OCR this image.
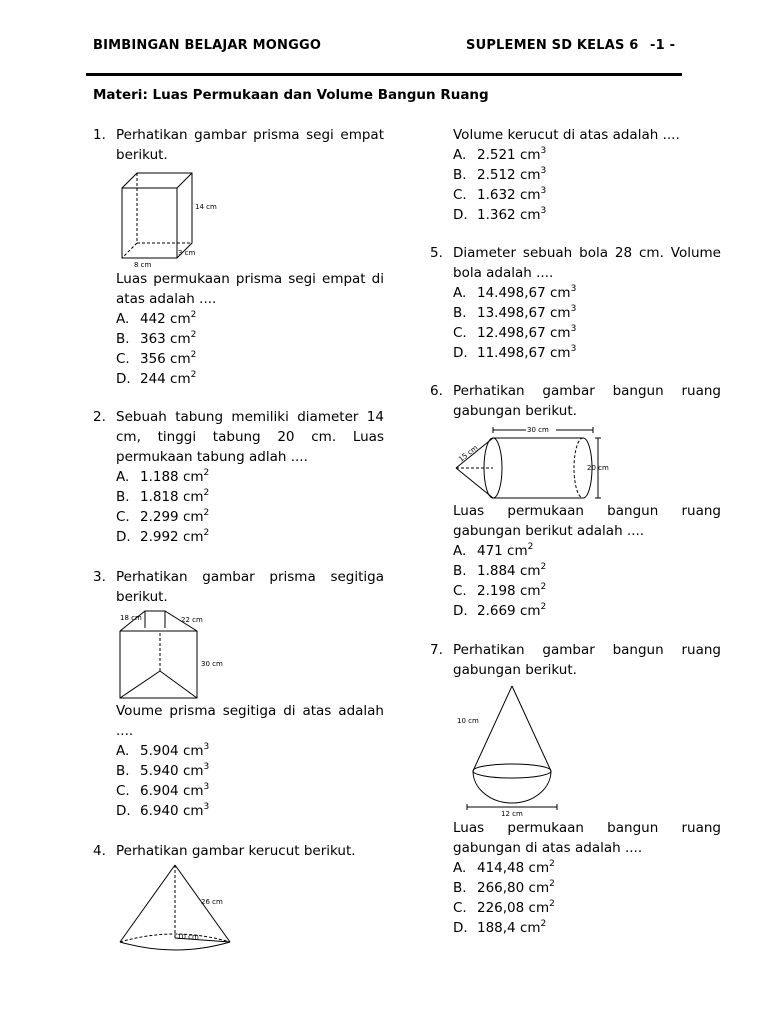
BIMBINGAN BELAJAR MONGGO	SUPLEMEN SD KELAS 6 -1 -
Materi: Luas Permukaan dan Volume Bangun Ruang
1. Perhatikan gambar prisma segi empat
berikut.
14 cm
3 cm
8 cm
Luas permukaan prisma segi empat di
atas adalah ....
A. 442 $cm^2$
B. 363 $cm^2$
C. 356 $cm^2$
D. 244 $cm^2$
2. Sebuah tabung memiliki diameter 14
cm, tinggi tabung 20 cm. Luas
permukaan tabung adlah ....
A. 1.188 $cm^2$
B. 1.818 $cm^2$
C. 2.299 $cm^2$
D. 2.992 $cm^2$
3. Perhatikan gambar prisma segitiga
berikut.
18 cm	22 cm
30 cm
Voume prisma segitiga di atas adalah
....
A. 5.904 $cm^3$
B. 5.940 $cm^3$
C. 6.904 $cm^3$
D. 6.940 $cm^3$
4. Perhatikan gambar kerucut berikut.
26 cm
10 cm
Volume kerucut di atas adalah ....
A. 2.521 $cm^3$
B. 2.512 $cm^3$
C. 1.632 $cm^3$
D. 1.362 $cm^3$
5. Diameter sebuah bola 28 cm. Volume
bola adalah ....
A. 14.498,67 $cm^3$
B. 13.498,67 $cm^3$
C. 12.498,67 $cm^3$
D. 11.498,67 $cm^3$
6. Perhatikan gambar bangun ruang
gabungan berikut.
30 cm
15 cm
20 cm
Luas permukaan bangun ruang
gabungan berikut adalah ....
A. 471 $cm^2$
B. 1.884 $cm^2$
C. 2.198 $cm^2$
D. 2.669 $cm^2$
7. Perhatikan gambar bangun ruang
gabungan berikut.
10 cm
12 cm
Luas permukaan bangun ruang
gabungan di atas adalah ....
A. 414,48 $cm^2$
B. 266,80 $cm^2$
C. 226,08 $cm^2$
D. 188,4 $cm^2$
